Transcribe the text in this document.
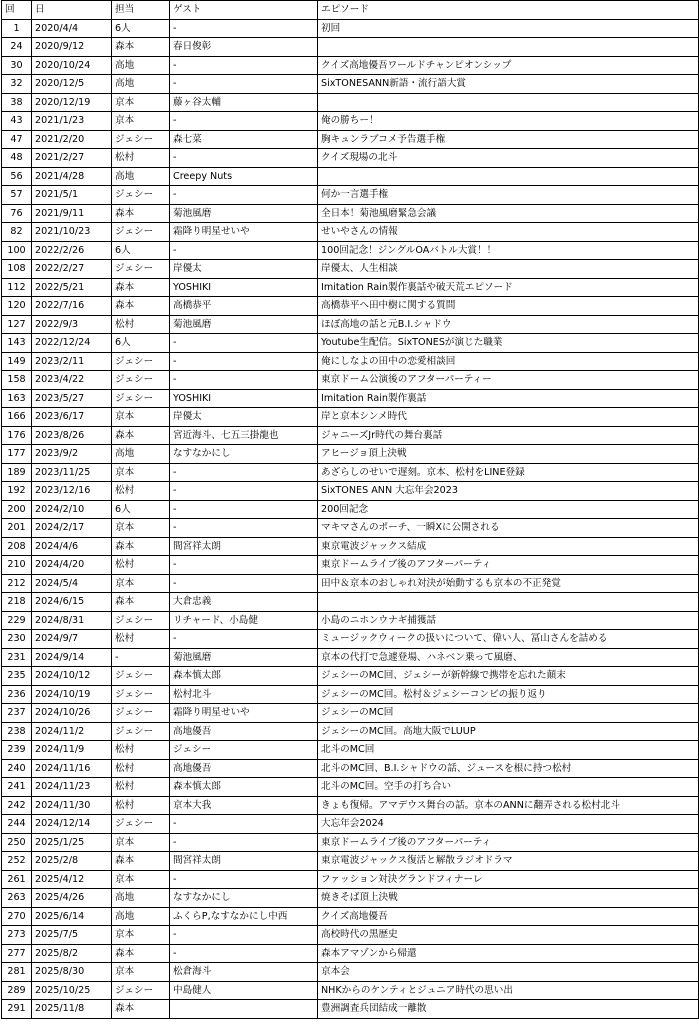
回	日	担当	ゲスト	エピソード
1	2020/4/4	6人	-	初回
24	2020/9/12	森本	春日俊彰	
30	2020/10/24	高地	-	クイズ高地優吾ワールドチャンピオンシップ
32	2020/12/5	高地	-	SixTONESANN新語・流行語大賞
38	2020/12/19	京本	藤ヶ谷太輔	
43	2021/1/23	京本	-	俺の勝ちー！
47	2021/2/20	ジェシー	森七菜	胸キュンラブコメ予告選手権
48	2021/2/27	松村	-	クイズ現場の北斗
56	2021/4/28	高地	Creepy Nuts	
57	2021/5/1	ジェシー	-	何か一言選手権
76	2021/9/11	森本	菊池風磨	全日本！菊池風磨緊急会議
82	2021/10/23	ジェシー	霜降り明星せいや	せいやさんの情報
100	2022/2/26	6人	-	100回記念！ジングルOAバトル大賞！！
108	2022/2/27	ジェシー	岸優太	岸優太、人生相談
112	2022/5/21	森本	YOSHIKI	Imitation Rain製作裏話や破天荒エピソード
120	2022/7/16	森本	高橋恭平	高橋恭平へ田中樹に関する質問
127	2022/9/3	松村	菊池風磨	ほぼ高地の話と元B.I.シャドウ
143	2022/12/24	6人	-	Youtube生配信。SixTONESが演じた職業
149	2023/2/11	ジェシー	-	俺にしなよの田中の恋愛相談回
158	2023/4/22	ジェシー	-	東京ドーム公演後のアフターパーティー
163	2023/5/27	ジェシー	YOSHIKI	Imitation Rain製作裏話
166	2023/6/17	京本	岸優太	岸と京本シンメ時代
176	2023/8/26	森本	宮近海斗、七五三掛龍也	ジャニーズJr時代の舞台裏話
177	2023/9/2	高地	なすなかにし	アヒージョ頂上決戦
189	2023/11/25	京本	-	あざらしのせいで遅刻。京本、松村をLINE登録
192	2023/12/16	松村	-	SixTONES ANN 大忘年会2023
200	2024/2/10	6人	-	200回記念
201	2024/2/17	京本	-	マキマさんのポーチ、一瞬Xに公開される
208	2024/4/6	森本	間宮祥太朗	東京電波ジャックス結成
210	2024/4/20	松村	-	東京ドームライブ後のアフターパーティ
212	2024/5/4	京本	-	田中＆京本のおしゃれ対決が始動するも京本の不正発覚
218	2024/6/15	森本	大倉忠義	
229	2024/8/31	ジェシー	リチャード、小島健	小島のニホンウナギ捕獲話
230	2024/9/7	松村	-	ミュージックウィークの扱いについて、偉い人、冨山さんを詰める
231	2024/9/14	-	菊池風磨	京本の代打で急遽登場、ハネベン乗って風磨、
235	2024/10/12	ジェシー	森本慎太郎	ジェシーのMC回、ジェシーが新幹線で携帯を忘れた顛末
236	2024/10/19	ジェシー	松村北斗	ジェシーのMC回。松村＆ジェシーコンビの振り返り
237	2024/10/26	ジェシー	霜降り明星せいや	ジェシーのMC回
238	2024/11/2	ジェシー	高地優吾	ジェシーのMC回。高地大阪でLUUP
239	2024/11/9	松村	ジェシー	北斗のMC回
240	2024/11/16	松村	高地優吾	北斗のMC回、B.I.シャドウの話、ジュースを根に持つ松村
241	2024/11/23	松村	森本慎太郎	北斗のMC回。空手の打ち合い
242	2024/11/30	松村	京本大我	きょも復帰。アマデウス舞台の話。京本のANNに翻弄される松村北斗
244	2024/12/14	ジェシー	-	大忘年会2024
250	2025/1/25	京本	-	東京ドームライブ後のアフターパーティ
252	2025/2/8	森本	間宮祥太朗	東京電波ジャックス復活と解散ラジオドラマ
261	2025/4/12	京本	-	ファッション対決グランドフィナーレ
263	2025/4/26	高地	なすなかにし	焼きそば頂上決戦
270	2025/6/14	高地	ふくらP,なすなかにし中西	クイズ高地優吾
273	2025/7/5	京本	-	高校時代の黒歴史
277	2025/8/2	森本	-	森本アマゾンから帰還
281	2025/8/30	京本	松倉海斗	京本会
289	2025/10/25	ジェシー	中島健人	NHKからのケンティとジュニア時代の思い出
291	2025/11/8	森本		豊洲調査兵団結成一離散
